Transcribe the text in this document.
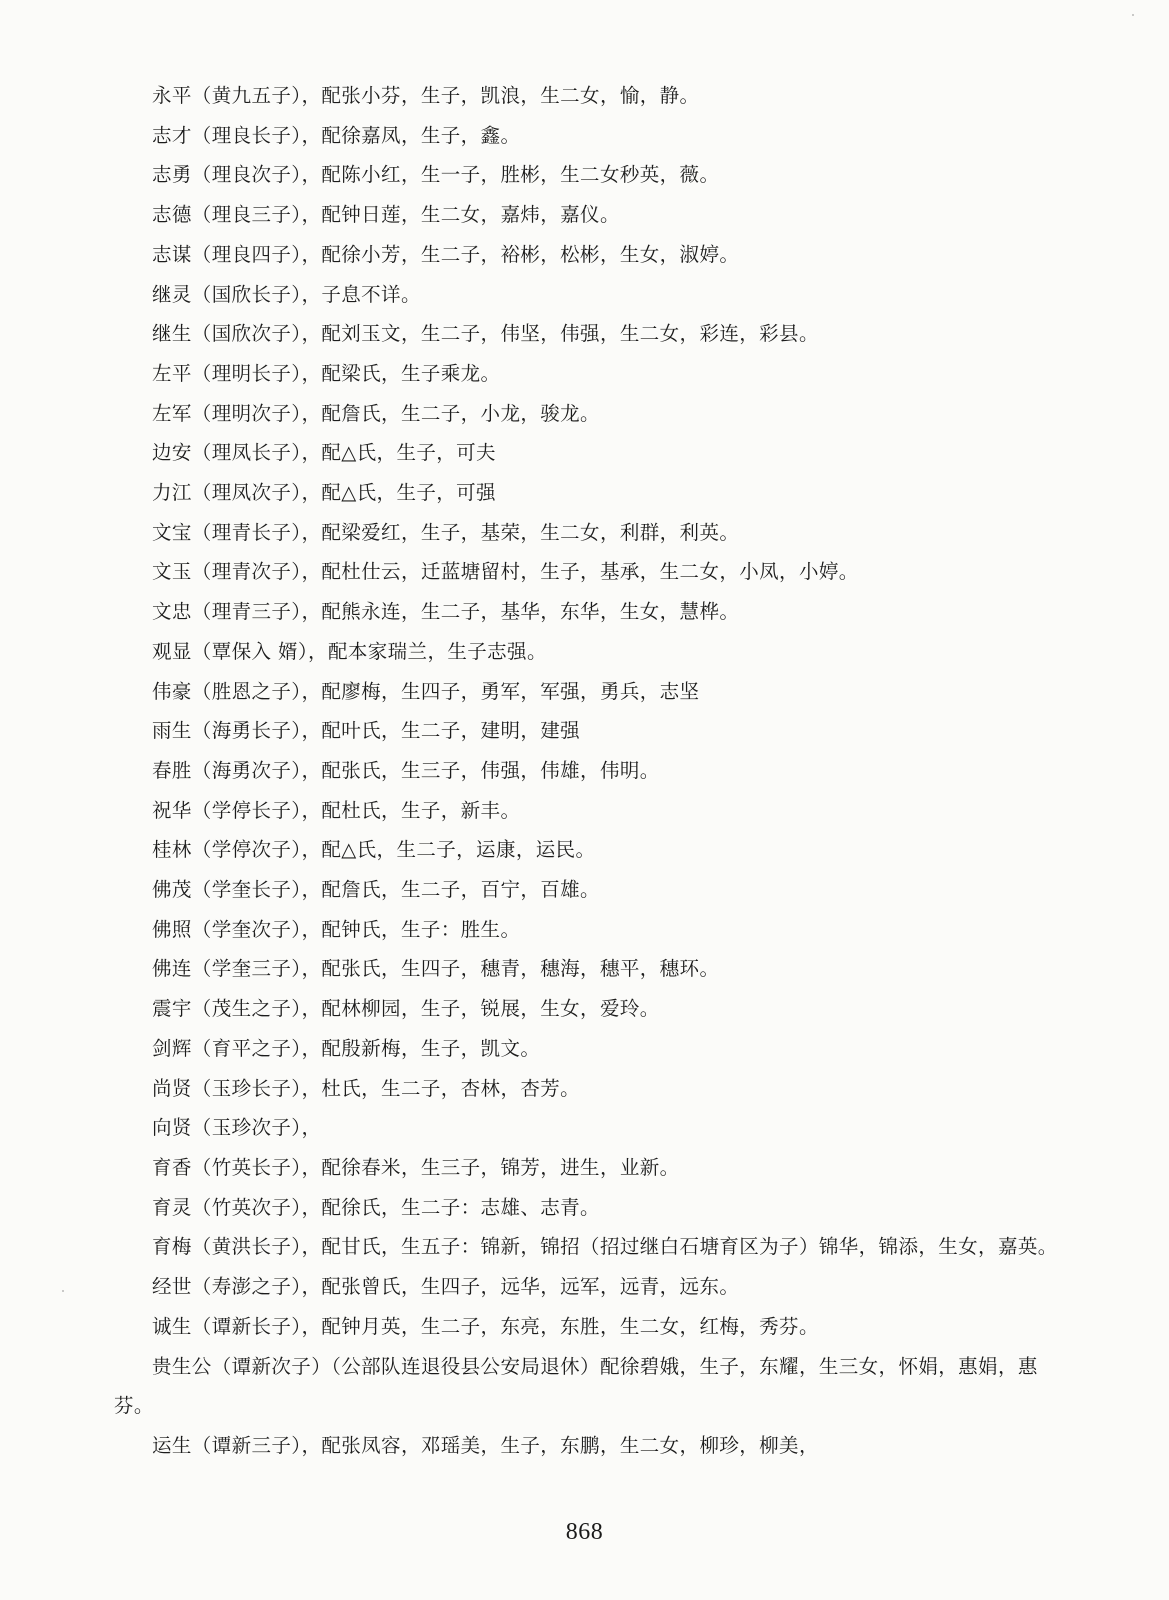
永平（黄九五子），配张小芬，生子，凯浪，生二女，愉，静。

志才（理良长子），配徐嘉凤，生子，鑫。

志勇（理良次子），配陈小红，生一子，胜彬，生二女秒英，薇。

志德（理良三子），配钟日莲，生二女，嘉炜，嘉仪。

志谋（理良四子），配徐小芳，生二子，裕彬，松彬，生女，淑婷。

继灵（国欣长子），子息不详。

继生（国欣次子），配刘玉文，生二子，伟坚，伟强，生二女，彩连，彩县。

左平（理明长子），配梁氏，生子乘龙。

左军（理明次子），配詹氏，生二子，小龙，骏龙。

边安（理凤长子），配△氏，生子，可夫

力江（理凤次子），配△氏，生子，可强

文宝（理青长子），配梁爱红，生子，基荣，生二女，利群，利英。

文玉（理青次子），配杜仕云，迁蓝塘留村，生子，基承，生二女，小凤，小婷。

文忠（理青三子），配熊永连，生二子，基华，东华，生女，慧桦。

观显（覃保入 婿），配本家瑞兰，生子志强。

伟豪（胜恩之子），配廖梅，生四子，勇军，军强，勇兵，志坚

雨生（海勇长子），配叶氏，生二子，建明，建强

春胜（海勇次子），配张氏，生三子，伟强，伟雄，伟明。

祝华（学停长子），配杜氏，生子，新丰。

桂林（学停次子），配△氏，生二子，运康，运民。

佛茂（学奎长子），配詹氏，生二子，百宁，百雄。

佛照（学奎次子），配钟氏，生子：胜生。

佛连（学奎三子），配张氏，生四子，穗青，穗海，穗平，穗环。

震宇（茂生之子），配林柳园，生子，锐展，生女，爱玲。

剑辉（育平之子），配殷新梅，生子，凯文。

尚贤（玉珍长子），杜氏，生二子，杏林，杏芳。

向贤（玉珍次子），

育香（竹英长子），配徐春米，生三子，锦芳，进生，业新。

育灵（竹英次子），配徐氏，生二子：志雄、志青。

育梅（黄洪长子），配甘氏，生五子：锦新，锦招（招过继白石塘育区为子）锦华，锦添，生女，嘉英。

经世（寿澎之子），配张曾氏，生四子，远华，远军，远青，远东。

诚生（谭新长子），配钟月英，生二子，东亮，东胜，生二女，红梅，秀芬。

贵生公（谭新次子）（公部队连退役县公安局退休）配徐碧娥，生子，东耀，生三女，怀娟，惠娟，惠芬。

运生（谭新三子），配张凤容，邓瑶美，生子，东鹏，生二女，柳珍，柳美，

868
